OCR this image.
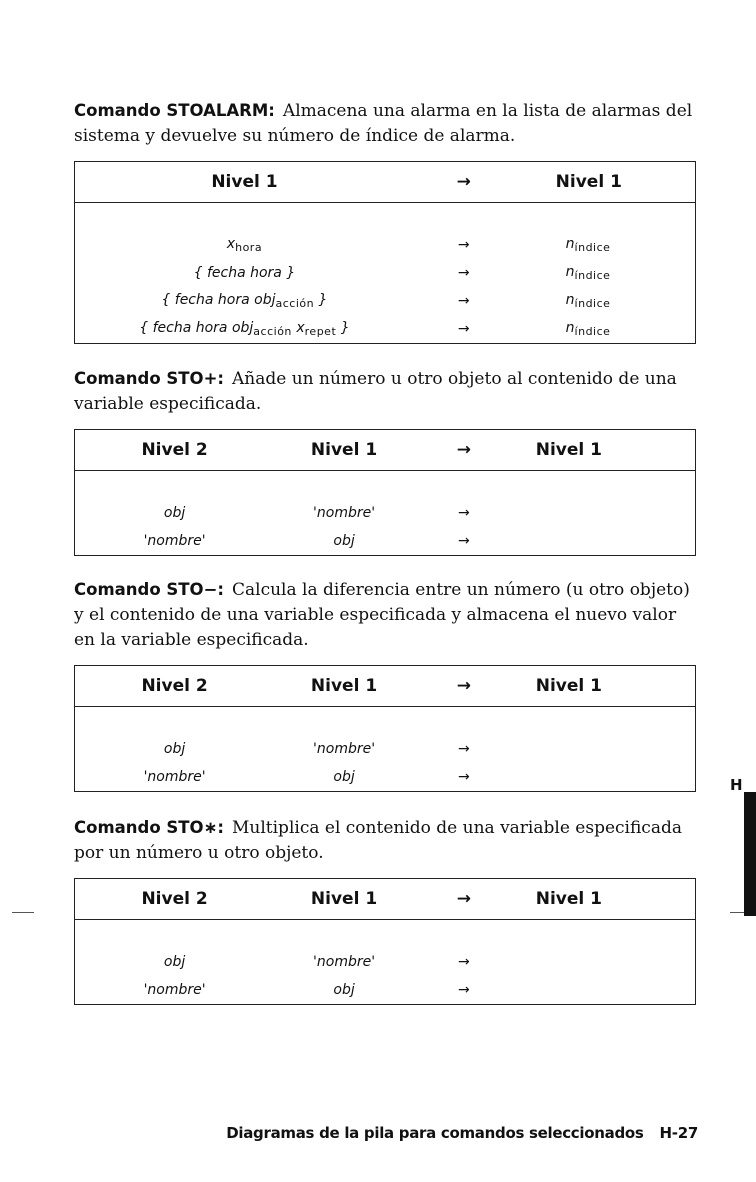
Comando STOALARM: Almacena una alarma en la lista de alarmas del sistema y devuelve su número de índice de alarma.

Nivel 1	→	Nivel 1

$x_{hora}$	→	$n_{índice}$
{ fecha hora }	→	$n_{índice}$
{ fecha hora obj$_{acción}$ }	→	$n_{índice}$
{ fecha hora obj$_{acción}$ $x_{repet}$ }	→	$n_{índice}$

Comando STO+: Añade un número u otro objeto al contenido de una variable especificada.

Nivel 2	Nivel 1	→	Nivel 1

obj	'nombre'	→	
'nombre'	obj	→	

Comando STO−: Calcula la diferencia entre un número (u otro objeto) y el contenido de una variable especificada y almacena el nuevo valor en la variable especificada.

Nivel 2	Nivel 1	→	Nivel 1

obj	'nombre'	→	
'nombre'	obj	→	

Comando STO∗: Multiplica el contenido de una variable especificada por un número u otro objeto.

Nivel 2	Nivel 1	→	Nivel 1

obj	'nombre'	→	
'nombre'	obj	→	
H
Diagramas de la pila para comandos seleccionados H-27
